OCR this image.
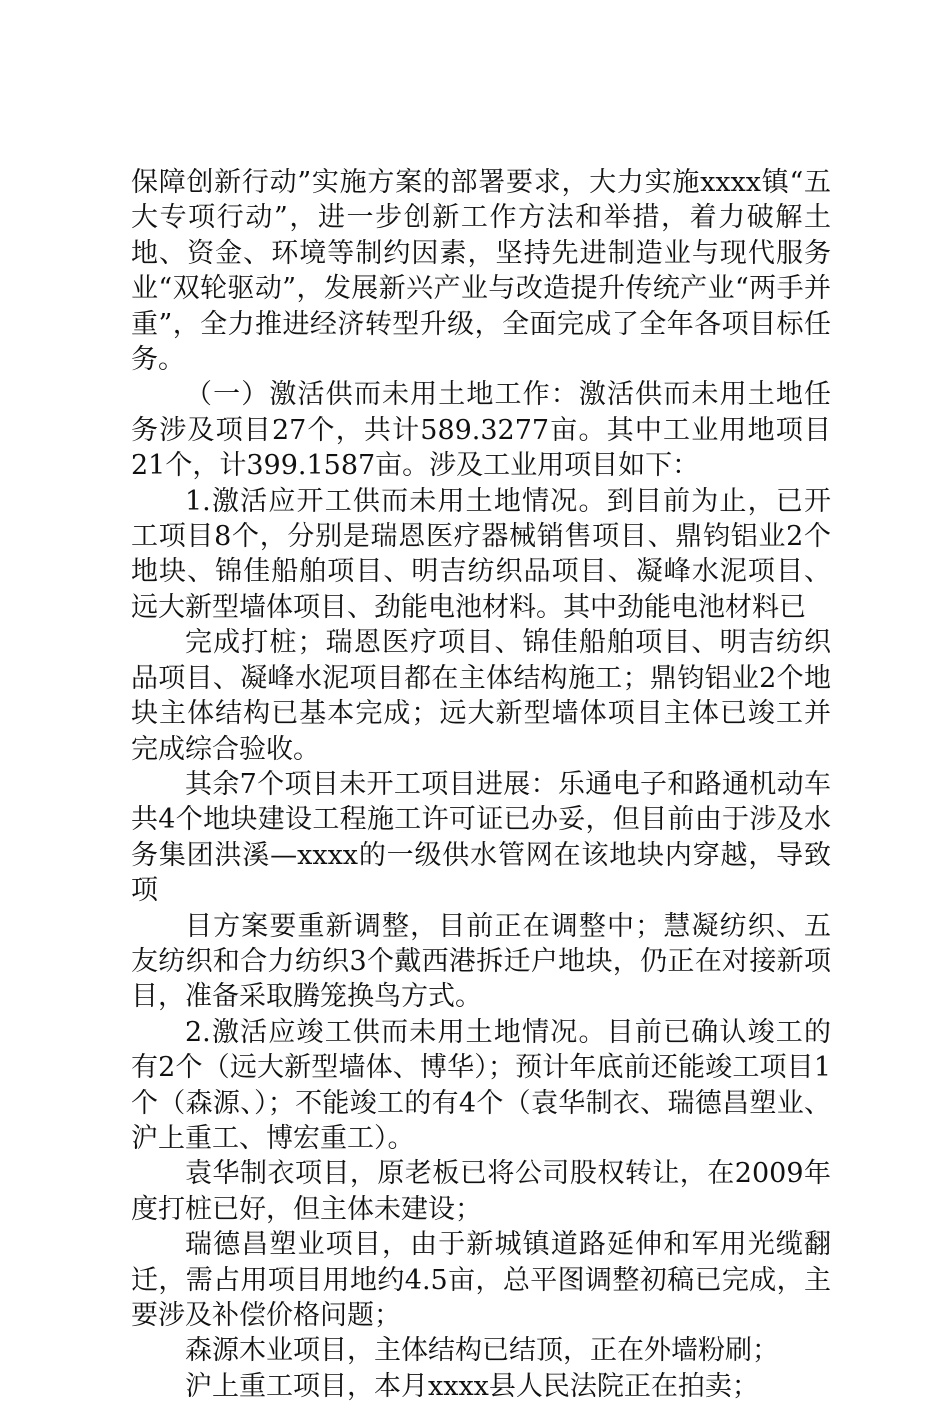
保障创新行动”实施方案的部署要求，大力实施xxxx镇“五大专项行动”，进一步创新工作方法和举措，着力破解土地、资金、环境等制约因素，坚持先进制造业与现代服务业“双轮驱动”，发展新兴产业与改造提升传统产业“两手并重”，全力推进经济转型升级，全面完成了全年各项目标任务。

（一）激活供而未用土地工作：激活供而未用土地任务涉及项目27个，共计589.3277亩。其中工业用地项目21个，计399.1587亩。涉及工业用项目如下：

1.激活应开工供而未用土地情况。到目前为止，已开工项目8个，分别是瑞恩医疗器械销售项目、鼎钧铝业2个地块、锦佳船舶项目、明吉纺织品项目、凝峰水泥项目、远大新型墙体项目、劲能电池材料。其中劲能电池材料已

完成打桩；瑞恩医疗项目、锦佳船舶项目、明吉纺织品项目、凝峰水泥项目都在主体结构施工；鼎钧铝业2个地块主体结构已基本完成；远大新型墙体项目主体已竣工并完成综合验收。

其余7个项目未开工项目进展：乐通电子和路通机动车共4个地块建设工程施工许可证已办妥，但目前由于涉及水务集团洪溪—xxxx的一级供水管网在该地块内穿越，导致项

目方案要重新调整，目前正在调整中；慧凝纺织、五友纺织和合力纺织3个戴西港拆迁户地块，仍正在对接新项目，准备采取腾笼换鸟方式。

2.激活应竣工供而未用土地情况。目前已确认竣工的有2个（远大新型墙体、博华）；预计年底前还能竣工项目1个（森源、）；不能竣工的有4个（袁华制衣、瑞德昌塑业、沪上重工、博宏重工）。

袁华制衣项目，原老板已将公司股权转让，在2009年度打桩已好，但主体未建设；

瑞德昌塑业项目，由于新城镇道路延伸和军用光缆翻迁，需占用项目用地约4.5亩，总平图调整初稿已完成，主要涉及补偿价格问题；

森源木业项目，主体结构已结顶，正在外墙粉刷；

沪上重工项目，本月xxxx县人民法院正在拍卖；
